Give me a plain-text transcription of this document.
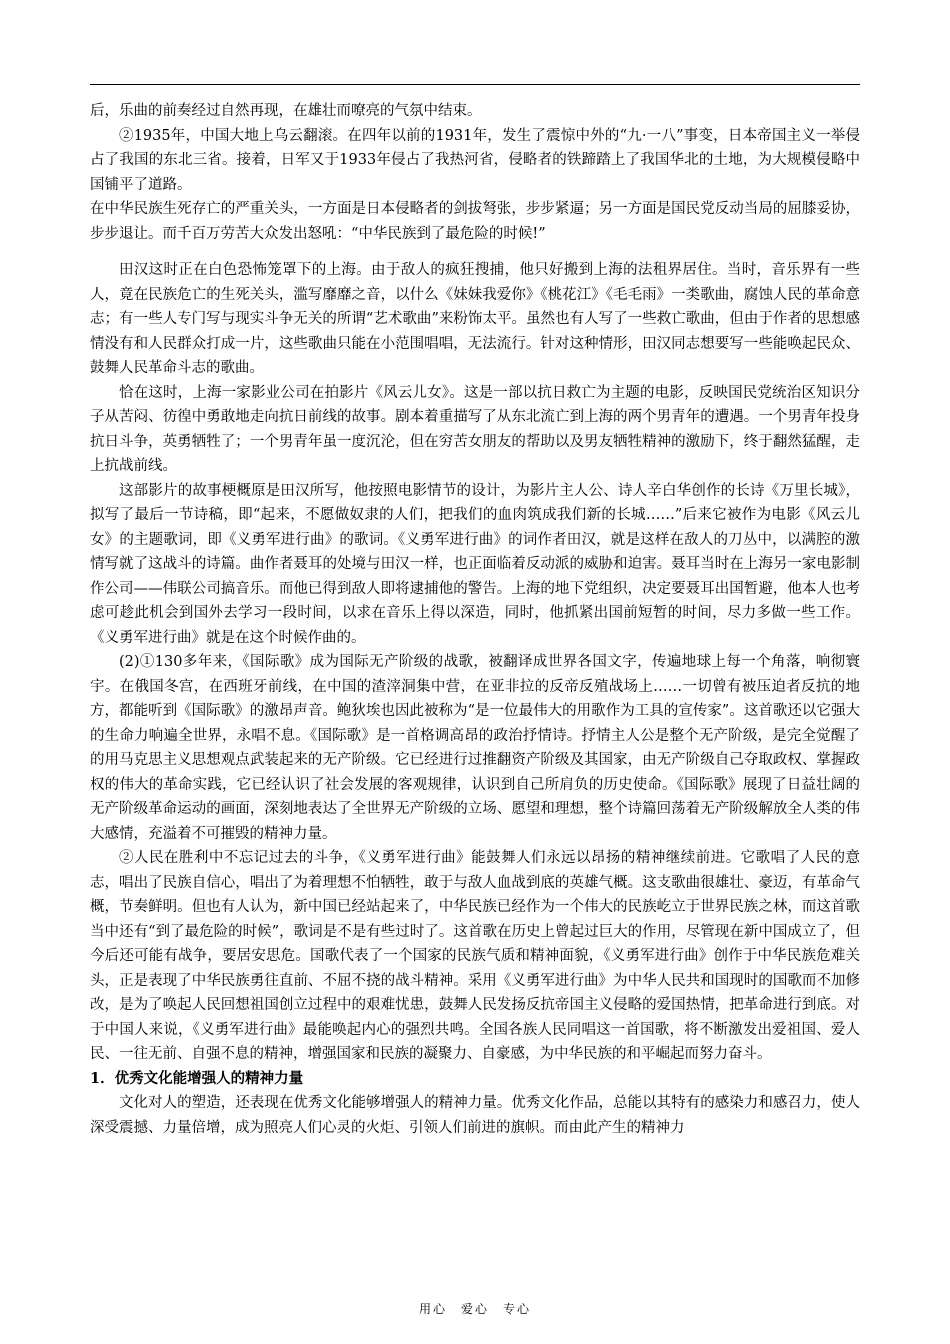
后，乐曲的前奏经过自然再现，在雄壮而嘹亮的气氛中结束。

②1935年，中国大地上乌云翻滚。在四年以前的1931年，发生了震惊中外的“九·一八”事变，日本帝国主义一举侵占了我国的东北三省。接着，日军又于1933年侵占了我热河省，侵略者的铁蹄踏上了我国华北的土地，为大规模侵略中国铺平了道路。

在中华民族生死存亡的严重关头，一方面是日本侵略者的剑拔弩张，步步紧逼；另一方面是国民党反动当局的屈膝妥协，步步退让。而千百万劳苦大众发出怒吼：“中华民族到了最危险的时候!”

田汉这时正在白色恐怖笼罩下的上海。由于敌人的疯狂搜捕，他只好搬到上海的法租界居住。当时，音乐界有一些人，竟在民族危亡的生死关头，滥写靡靡之音，以什么《妹妹我爱你》《桃花江》《毛毛雨》一类歌曲，腐蚀人民的革命意志；有一些人专门写与现实斗争无关的所谓“艺术歌曲”来粉饰太平。虽然也有人写了一些救亡歌曲，但由于作者的思想感情没有和人民群众打成一片，这些歌曲只能在小范围唱唱，无法流行。针对这种情形，田汉同志想要写一些能唤起民众、鼓舞人民革命斗志的歌曲。

恰在这时，上海一家影业公司在拍影片《风云儿女》。这是一部以抗日救亡为主题的电影，反映国民党统治区知识分子从苦闷、彷徨中勇敢地走向抗日前线的故事。剧本着重描写了从东北流亡到上海的两个男青年的遭遇。一个男青年投身抗日斗争，英勇牺牲了；一个男青年虽一度沉沦，但在穷苦女朋友的帮助以及男友牺牲精神的激励下，终于翻然猛醒，走上抗战前线。

这部影片的故事梗概原是田汉所写，他按照电影情节的设计，为影片主人公、诗人辛白华创作的长诗《万里长城》，拟写了最后一节诗稿，即“起来，不愿做奴隶的人们，把我们的血肉筑成我们新的长城……”后来它被作为电影《风云儿女》的主题歌词，即《义勇军进行曲》的歌词。《义勇军进行曲》的词作者田汉，就是这样在敌人的刀丛中，以满腔的激情写就了这战斗的诗篇。曲作者聂耳的处境与田汉一样，也正面临着反动派的威胁和迫害。聂耳当时在上海另一家电影制作公司——伟联公司搞音乐。而他已得到敌人即将逮捕他的警告。上海的地下党组织，决定要聂耳出国暂避，他本人也考虑可趁此机会到国外去学习一段时间，以求在音乐上得以深造，同时，他抓紧出国前短暂的时间，尽力多做一些工作。《义勇军进行曲》就是在这个时候作曲的。

(2)①130多年来，《国际歌》成为国际无产阶级的战歌，被翻译成世界各国文字，传遍地球上每一个角落，响彻寰宇。在俄国冬宫，在西班牙前线，在中国的渣滓洞集中营，在亚非拉的反帝反殖战场上……一切曾有被压迫者反抗的地方，都能听到《国际歌》的激昂声音。鲍狄埃也因此被称为“是一位最伟大的用歌作为工具的宣传家”。这首歌还以它强大的生命力响遍全世界，永唱不息。《国际歌》是一首格调高昂的政治抒情诗。抒情主人公是整个无产阶级，是完全觉醒了的用马克思主义思想观点武装起来的无产阶级。它已经进行过推翻资产阶级及其国家，由无产阶级自己夺取政权、掌握政权的伟大的革命实践，它已经认识了社会发展的客观规律，认识到自己所肩负的历史使命。《国际歌》展现了日益壮阔的无产阶级革命运动的画面，深刻地表达了全世界无产阶级的立场、愿望和理想，整个诗篇回荡着无产阶级解放全人类的伟大感情，充溢着不可摧毁的精神力量。

②人民在胜利中不忘记过去的斗争，《义勇军进行曲》能鼓舞人们永远以昂扬的精神继续前进。它歌唱了人民的意志，唱出了民族自信心，唱出了为着理想不怕牺牲，敢于与敌人血战到底的英雄气概。这支歌曲很雄壮、豪迈，有革命气概，节奏鲜明。但也有人认为，新中国已经站起来了，中华民族已经作为一个伟大的民族屹立于世界民族之林，而这首歌当中还有“到了最危险的时候”，歌词是不是有些过时了。这首歌在历史上曾起过巨大的作用，尽管现在新中国成立了，但今后还可能有战争，要居安思危。国歌代表了一个国家的民族气质和精神面貌，《义勇军进行曲》创作于中华民族危难关头，正是表现了中华民族勇往直前、不屈不挠的战斗精神。采用《义勇军进行曲》为中华人民共和国现时的国歌而不加修改，是为了唤起人民回想祖国创立过程中的艰难忧患，鼓舞人民发扬反抗帝国主义侵略的爱国热情，把革命进行到底。对于中国人来说，《义勇军进行曲》最能唤起内心的强烈共鸣。全国各族人民同唱这一首国歌，将不断激发出爱祖国、爱人民、一往无前、自强不息的精神，增强国家和民族的凝聚力、自豪感，为中华民族的和平崛起而努力奋斗。

1．优秀文化能增强人的精神力量

文化对人的塑造，还表现在优秀文化能够增强人的精神力量。优秀文化作品，总能以其特有的感染力和感召力，使人深受震撼、力量倍增，成为照亮人们心灵的火炬、引领人们前进的旗帜。而由此产生的精神力

用心　爱心　专心
